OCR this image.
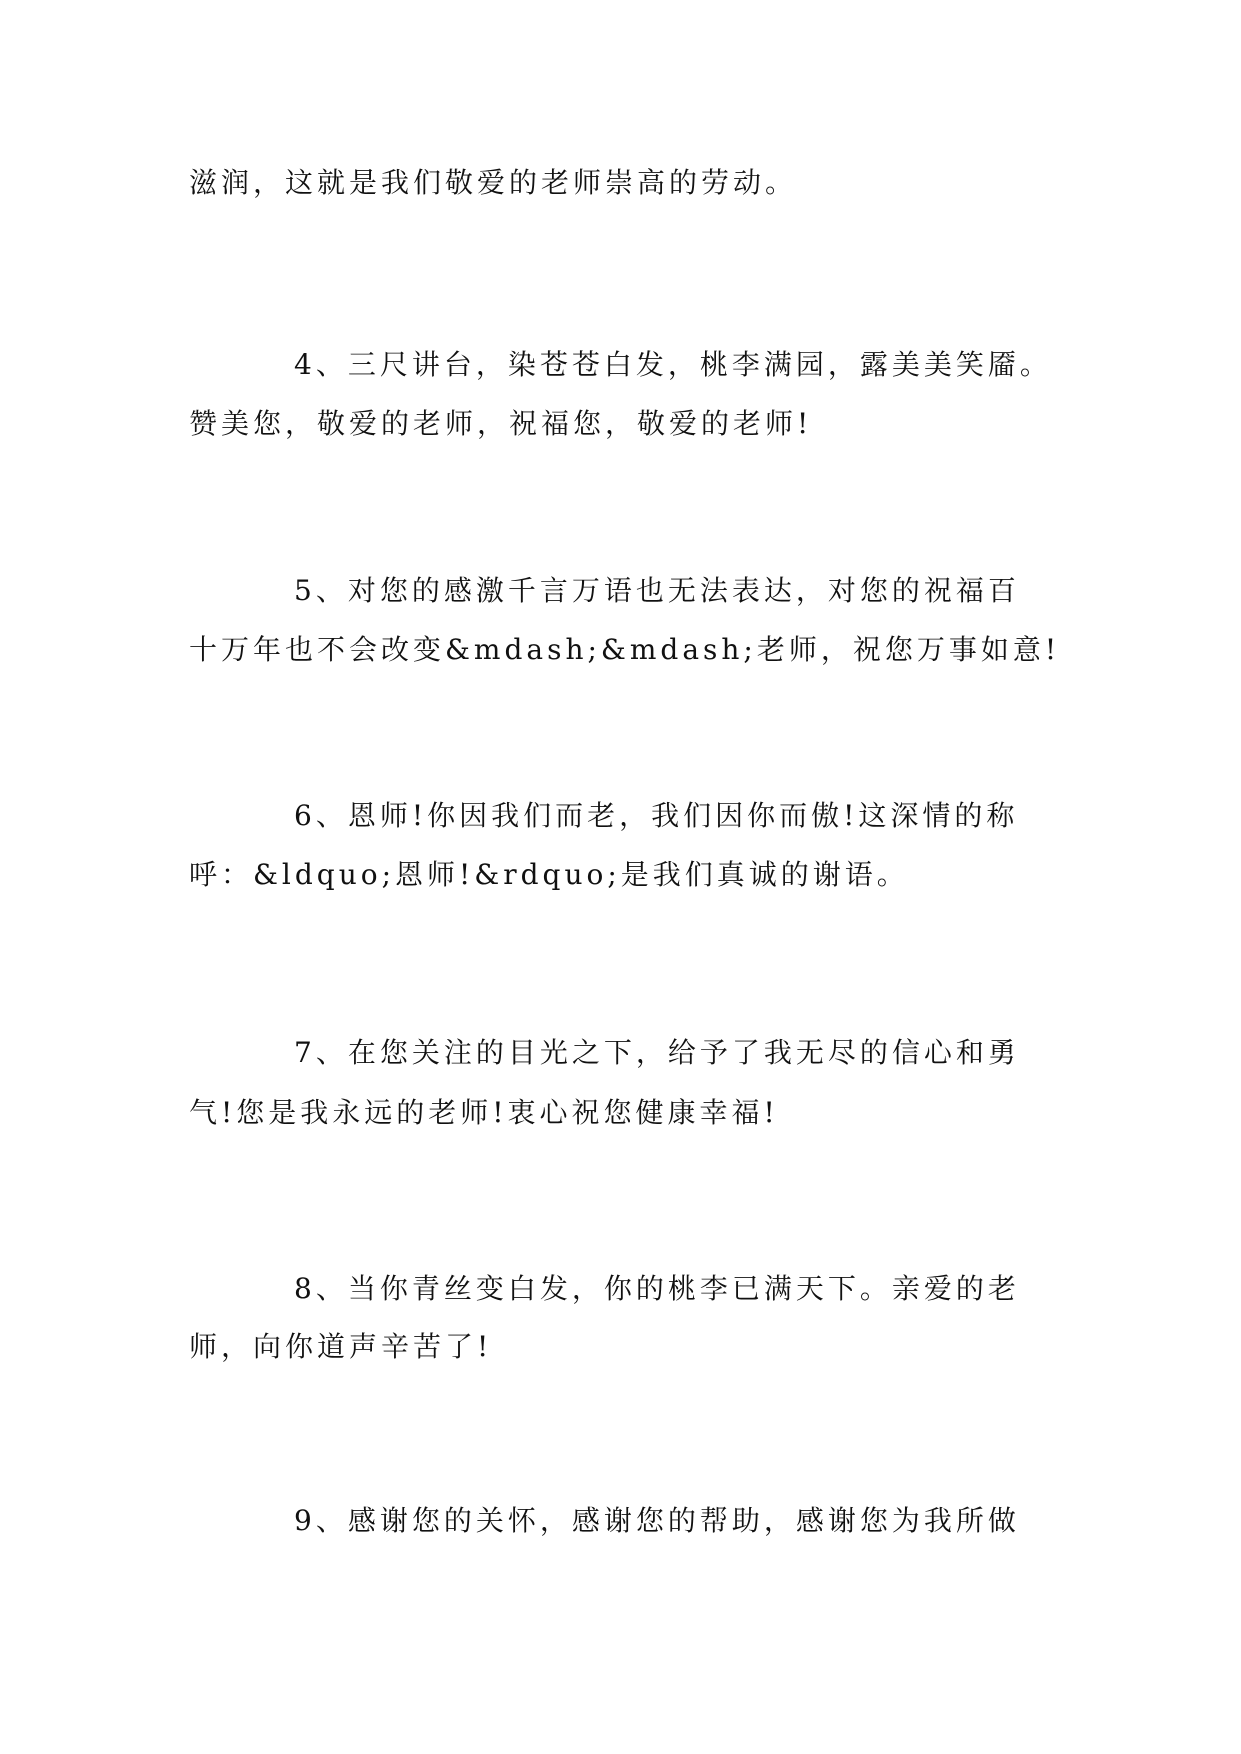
滋润，这就是我们敬爱的老师崇高的劳动。

4、三尺讲台，染苍苍白发，桃李满园，露美美笑靥。

赞美您，敬爱的老师，祝福您，敬爱的老师!

5、对您的感激千言万语也无法表达，对您的祝福百

十万年也不会改变&mdash;&mdash;老师，祝您万事如意!

6、恩师!你因我们而老，我们因你而傲!这深情的称

呼：&ldquo;恩师!&rdquo;是我们真诚的谢语。

7、在您关注的目光之下，给予了我无尽的信心和勇

气!您是我永远的老师!衷心祝您健康幸福!

8、当你青丝变白发，你的桃李已满天下。亲爱的老

师，向你道声辛苦了!

9、感谢您的关怀，感谢您的帮助，感谢您为我所做
